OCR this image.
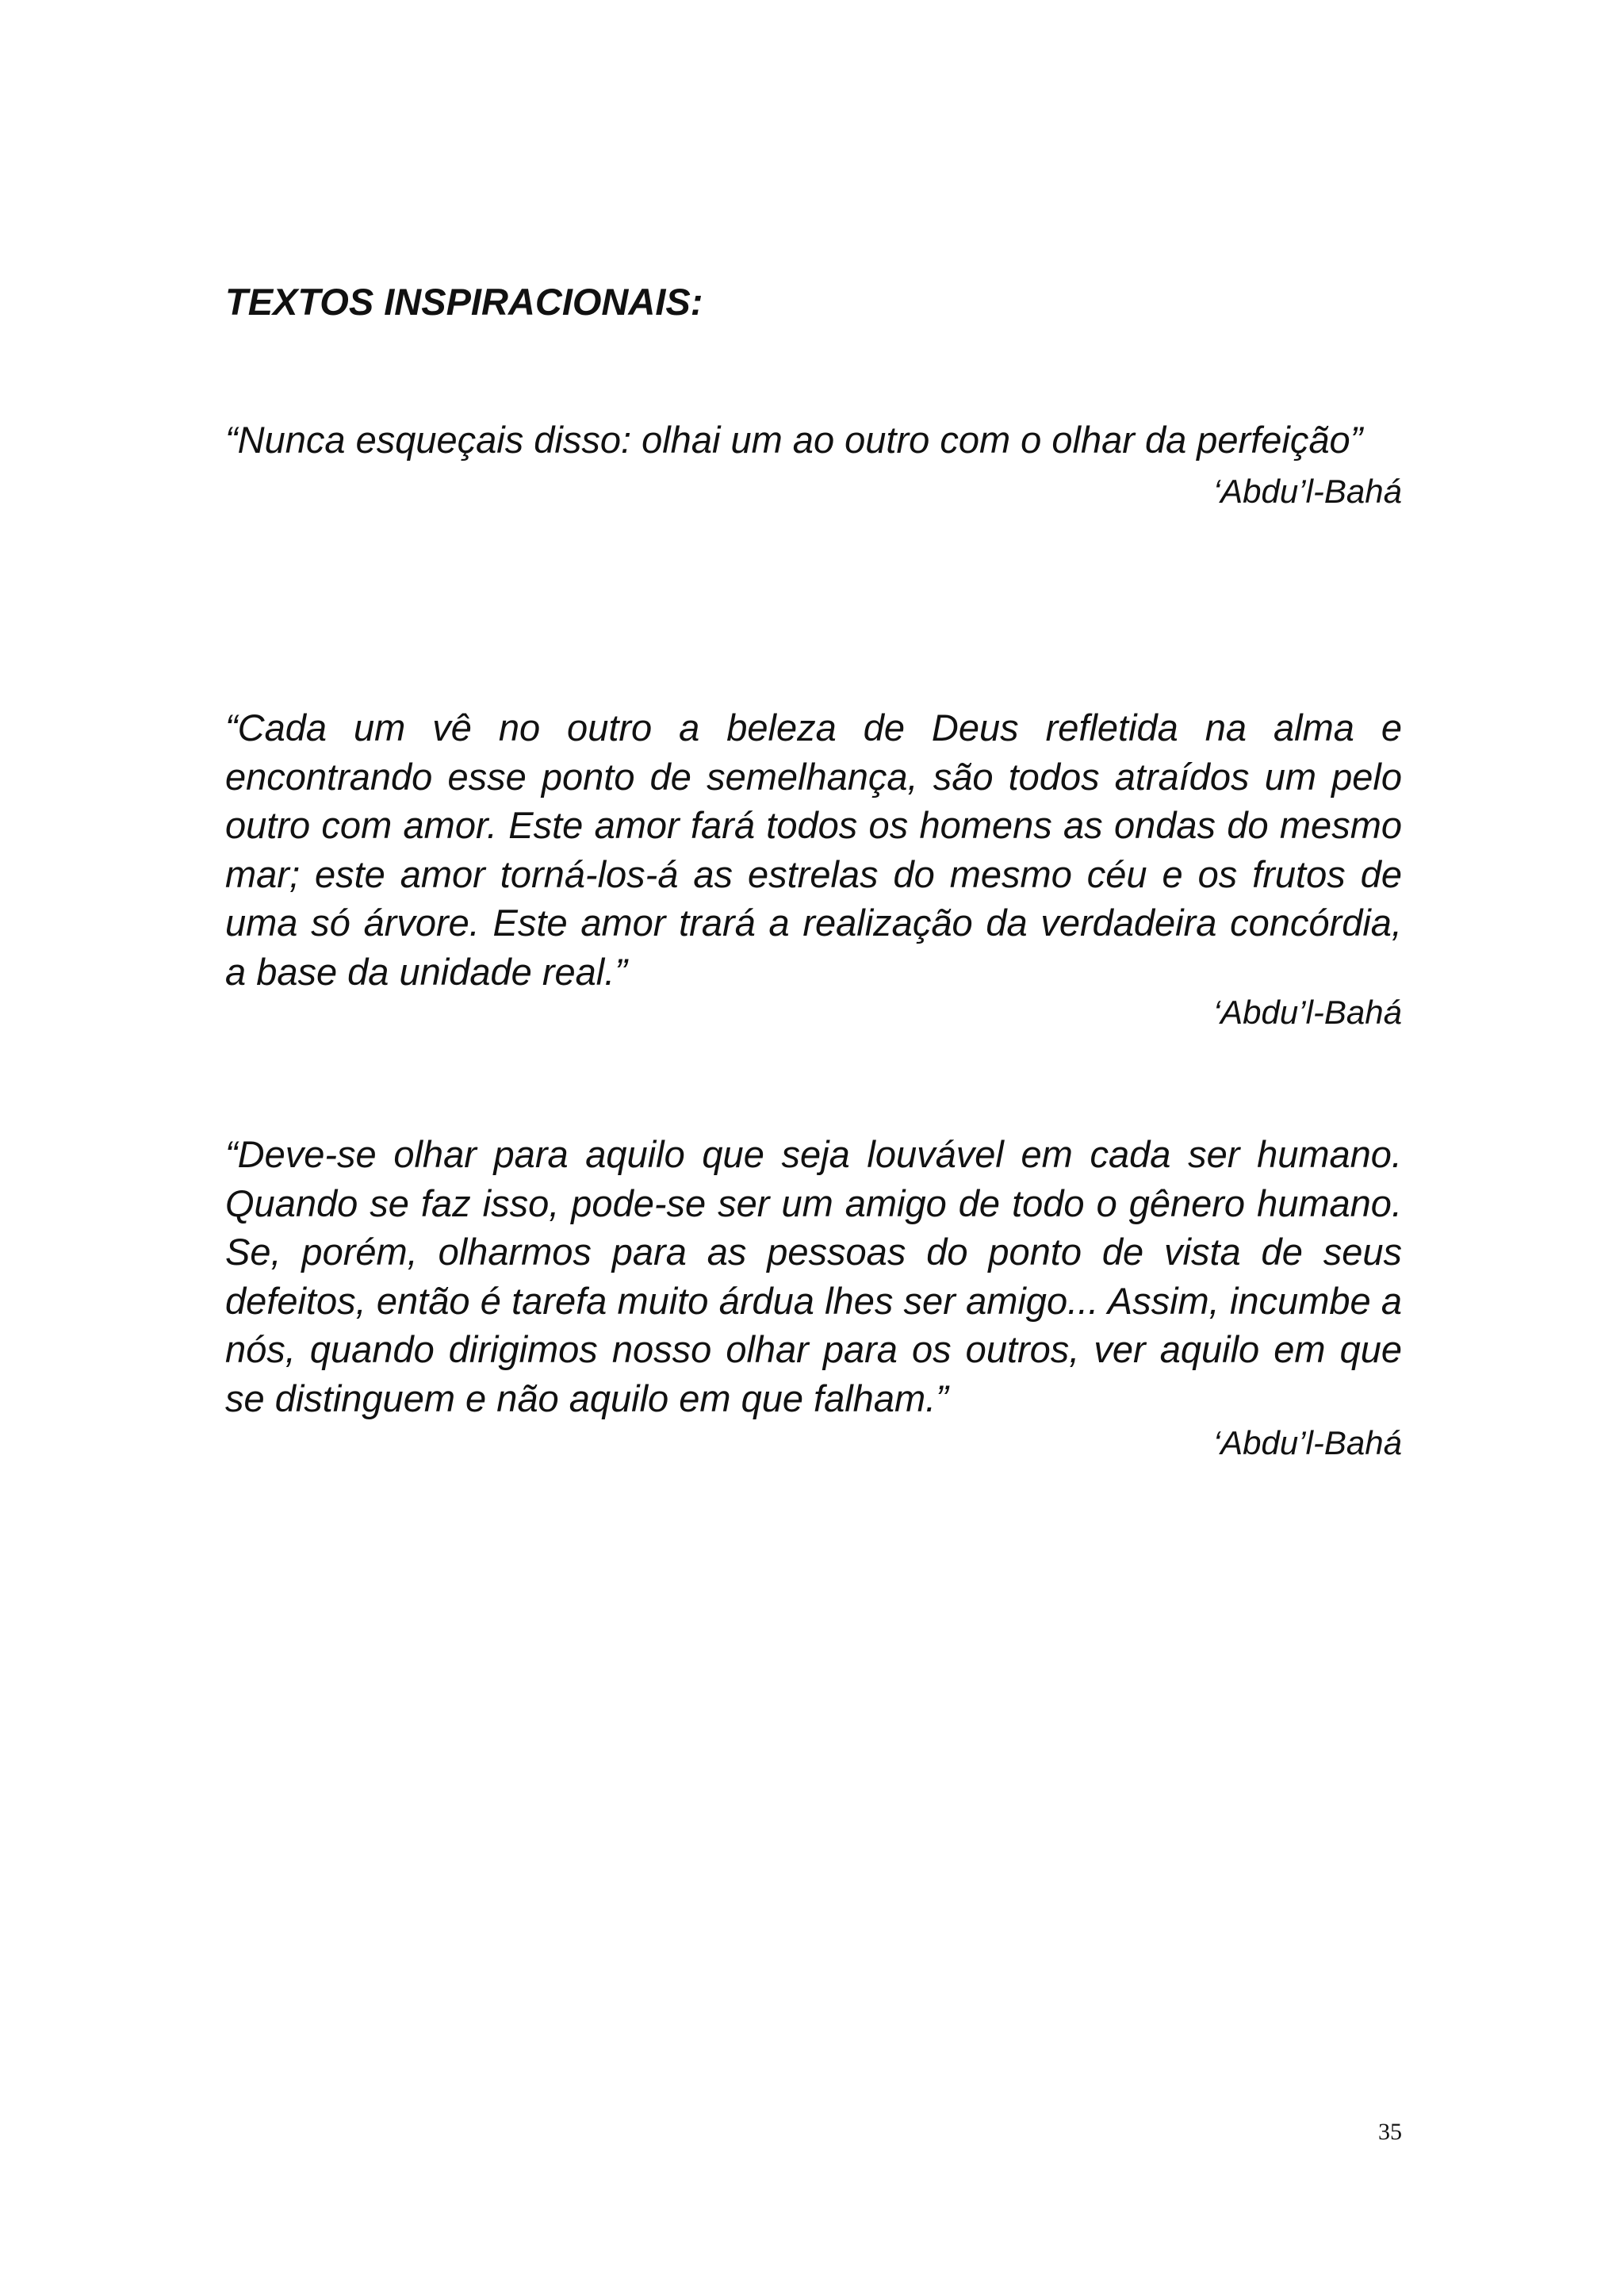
TEXTOS INSPIRACIONAIS:

“Nunca esqueçais disso: olhai um ao outro com o olhar da perfeição”

‘Abdu’l-Bahá

“Cada um vê no outro a beleza de Deus refletida na alma e encontrando esse ponto de semelhança, são todos atraídos um pelo outro com amor. Este amor fará todos os homens as ondas do mesmo mar; este amor torná-los-á as estrelas do mesmo céu e os frutos de uma só árvore. Este amor trará a realização da verdadeira concórdia, a base da unidade real.”

‘Abdu’l-Bahá

“Deve-se olhar para aquilo que seja louvável em cada ser humano. Quando se faz isso, pode-se ser um amigo de todo o gênero humano. Se, porém, olharmos para as pessoas do ponto de vista de seus defeitos, então é tarefa muito árdua lhes ser amigo... Assim, incumbe a nós, quando dirigimos nosso olhar para os outros, ver aquilo em que se distinguem e não aquilo em que falham.”

‘Abdu’l-Bahá

35
